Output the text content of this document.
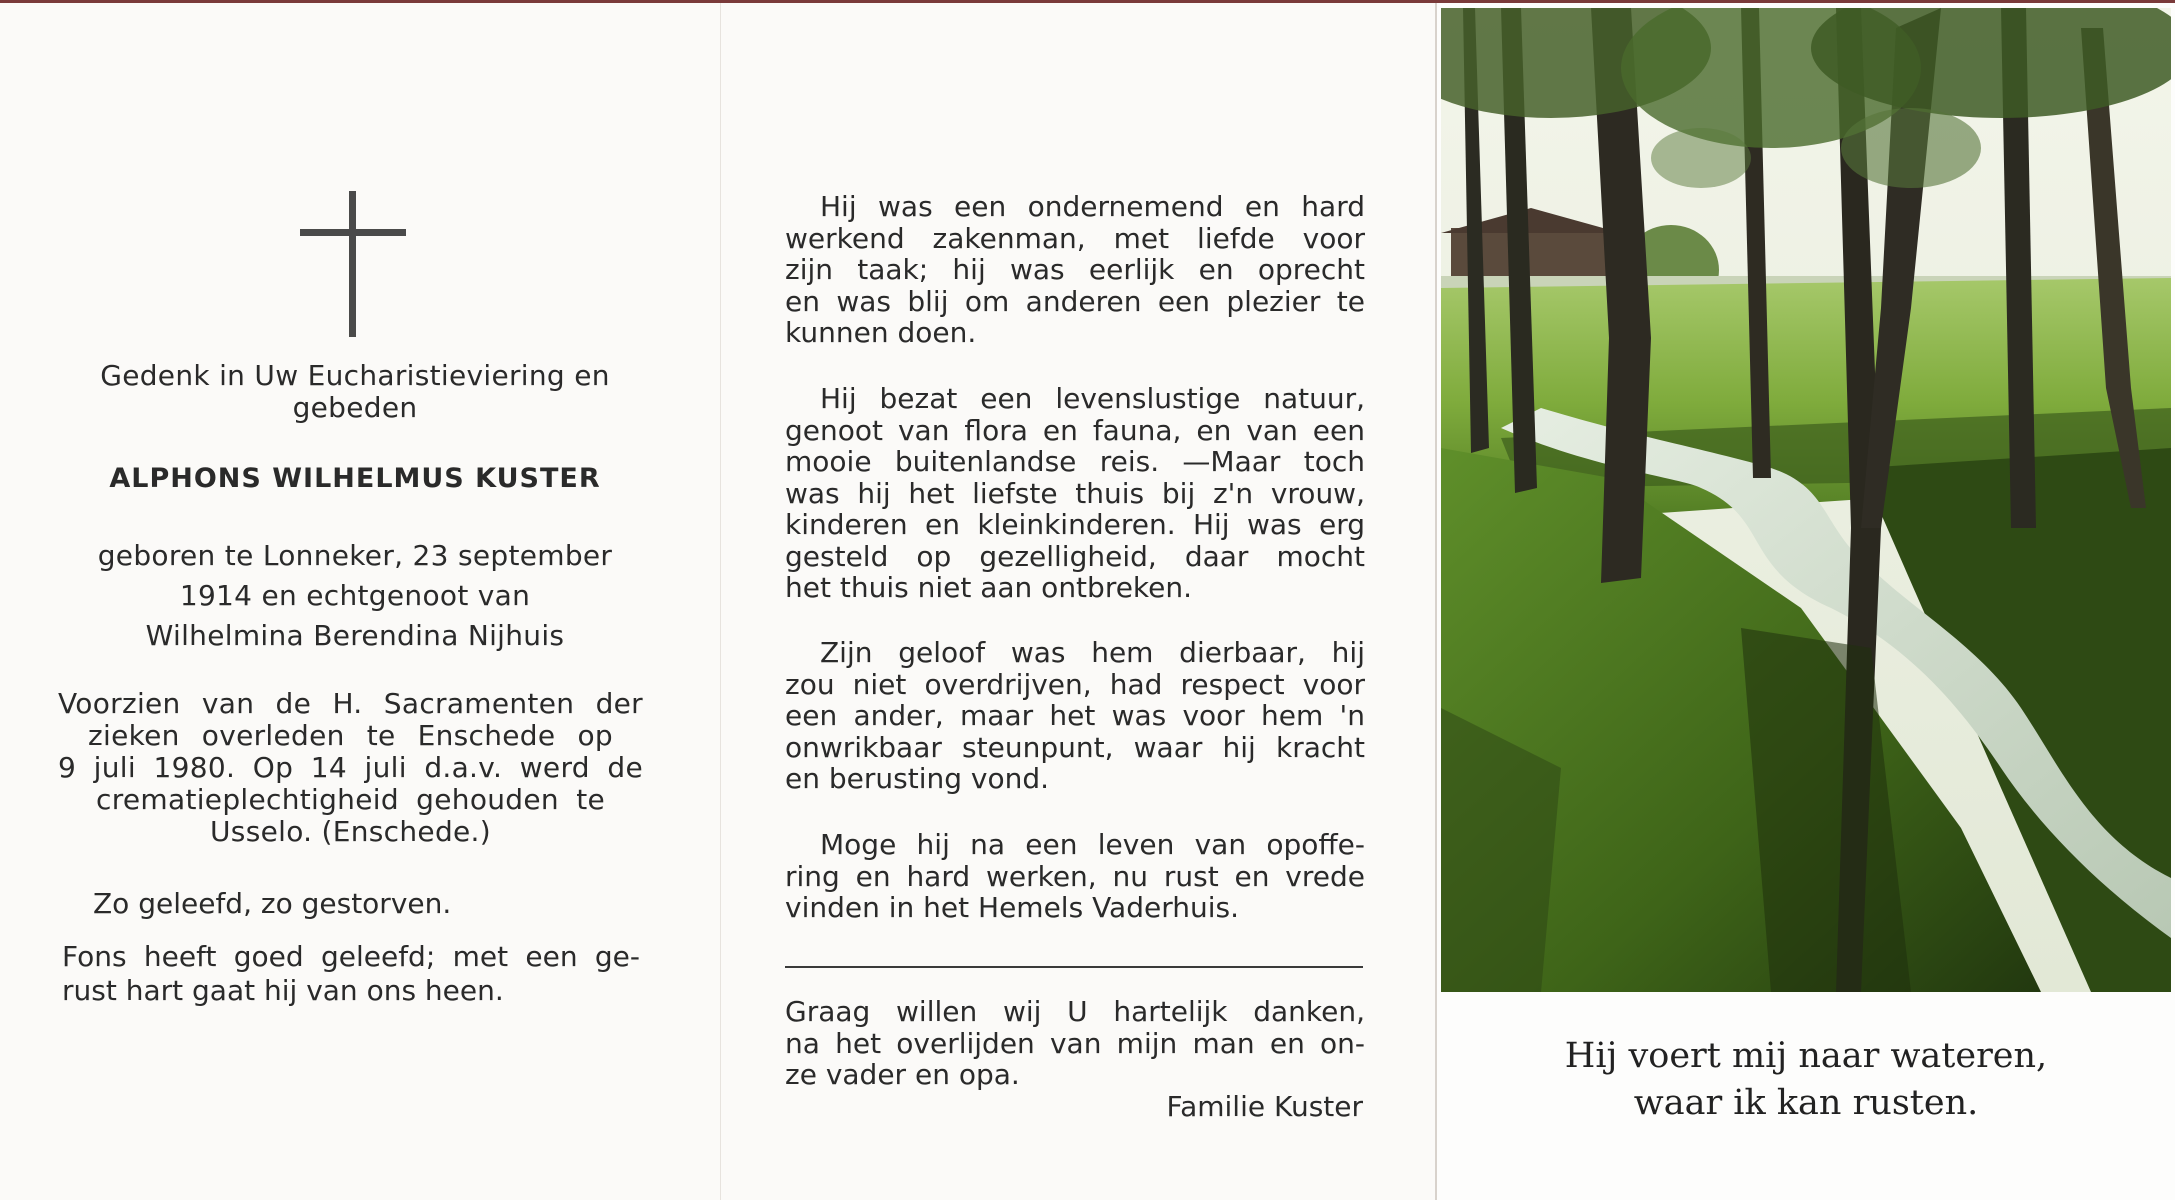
Gedenk in Uw Eucharistieviering en
gebeden
ALPHONS WILHELMUS KUSTER
geboren te Lonneker, 23 september
1914 en echtgenoot van
Wilhelmina Berendina Nijhuis
Voorzien van de H. Sacramenten der
zieken overleden te Enschede op
9 juli 1980. Op 14 juli d.a.v. werd de
crematieplechtigheid gehouden te
Usselo. (Enschede.)
Zo geleefd, zo gestorven.
Fons heeft goed geleefd; met een ge-
rust hart gaat hij van ons heen.
Hij was een ondernemend en hard
werkend zakenman, met liefde voor
zijn taak; hij was eerlijk en oprecht
en was blij om anderen een plezier te
kunnen doen.
Hij bezat een levenslustige natuur,
genoot van flora en fauna, en van een
mooie buitenlandse reis. —Maar toch
was hij het liefste thuis bij z'n vrouw,
kinderen en kleinkinderen. Hij was erg
gesteld op gezelligheid, daar mocht
het thuis niet aan ontbreken.
Zijn geloof was hem dierbaar, hij
zou niet overdrijven, had respect voor
een ander, maar het was voor hem 'n
onwrikbaar steunpunt, waar hij kracht
en berusting vond.
Moge hij na een leven van opoffe-
ring en hard werken, nu rust en vrede
vinden in het Hemels Vaderhuis.
Graag willen wij U hartelijk danken,
na het overlijden van mijn man en on-
ze vader en opa.
Familie Kuster
Hij voert mij naar wateren,
waar ik kan rusten.
